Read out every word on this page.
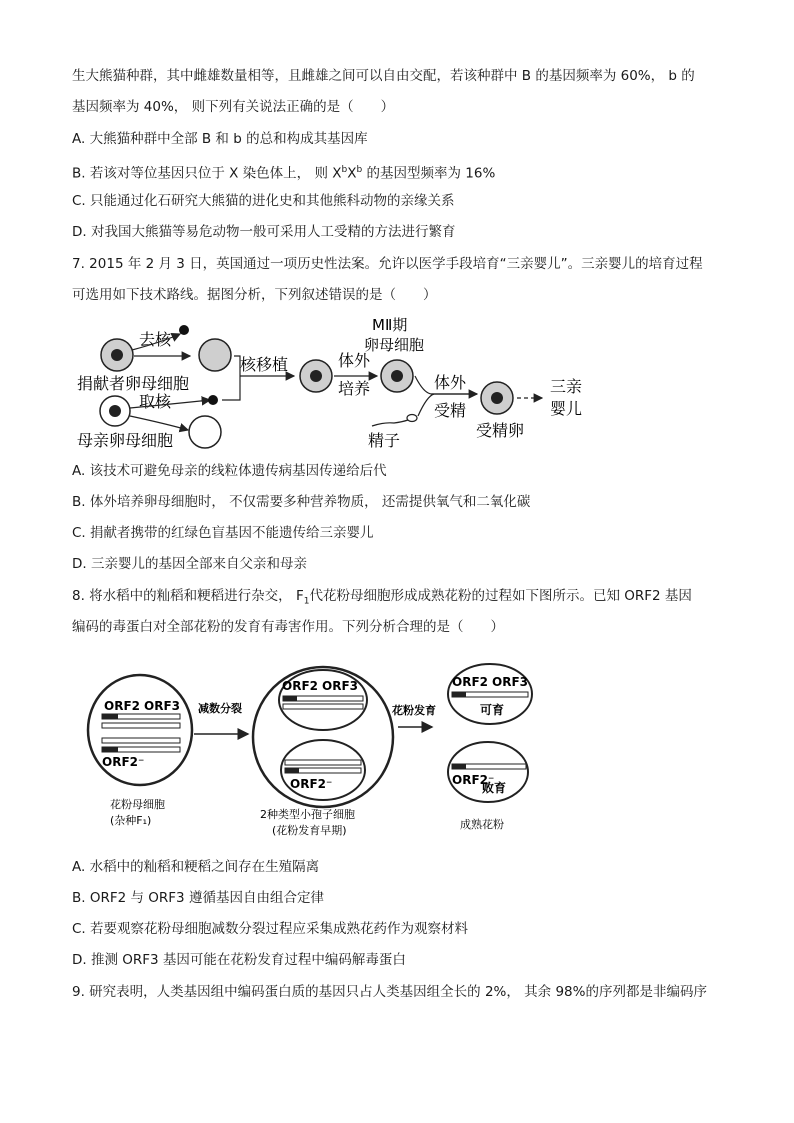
生大熊猫种群，其中雌雄数量相等，且雌雄之间可以自由交配，若该种群中 B 的基因频率为 60%， b 的
基因频率为 40%， 则下列有关说法正确的是（　　）
A. 大熊猫种群中全部 B 和 b 的总和构成其基因库
B. 若该对等位基因只位于 X 染色体上， 则 $X^bX^b$ 的基因型频率为 16%
C. 只能通过化石研究大熊猫的进化史和其他熊科动物的亲缘关系
D. 对我国大熊猫等易危动物一般可采用人工受精的方法进行繁育
7. 2015 年 2 月 3 日，英国通过一项历史性法案。允许以医学手段培育“三亲婴儿”。三亲婴儿的培育过程
可选用如下技术路线。据图分析，下列叙述错误的是（　　）
去核
捐献者卵母细胞
取核
母亲卵母细胞
核移植	体外
培养
MⅡ期
卵母细胞
精子
体外
受精
受精卵
三亲
婴儿
A. 该技术可避免母亲的线粒体遗传病基因传递给后代
B. 体外培养卵母细胞时， 不仅需要多种营养物质， 还需提供氧气和二氧化碳
C. 捐献者携带的红绿色盲基因不能遗传给三亲婴儿
D. 三亲婴儿的基因全部来自父亲和母亲
8. 将水稻中的籼稻和粳稻进行杂交， $F_1$代花粉母细胞形成成熟花粉的过程如下图所示。已知 ORF2 基因
编码的毒蛋白对全部花粉的发育有毒害作用。下列分析合理的是（　　）
ORF2 ORF3
ORF2⁻
花粉母细胞
(杂种F₁)
减数分裂
ORF2 ORF3
ORF2⁻
2种类型小孢子细胞
(花粉发育早期)
花粉发育
ORF2 ORF3
可育
ORF2⁻
败育
成熟花粉
A. 水稻中的籼稻和粳稻之间存在生殖隔离
B. ORF2 与 ORF3 遵循基因自由组合定律
C. 若要观察花粉母细胞减数分裂过程应采集成熟花药作为观察材料
D. 推测 ORF3 基因可能在花粉发育过程中编码解毒蛋白
9. 研究表明，人类基因组中编码蛋白质的基因只占人类基因组全长的 2%， 其余 98%的序列都是非编码序
